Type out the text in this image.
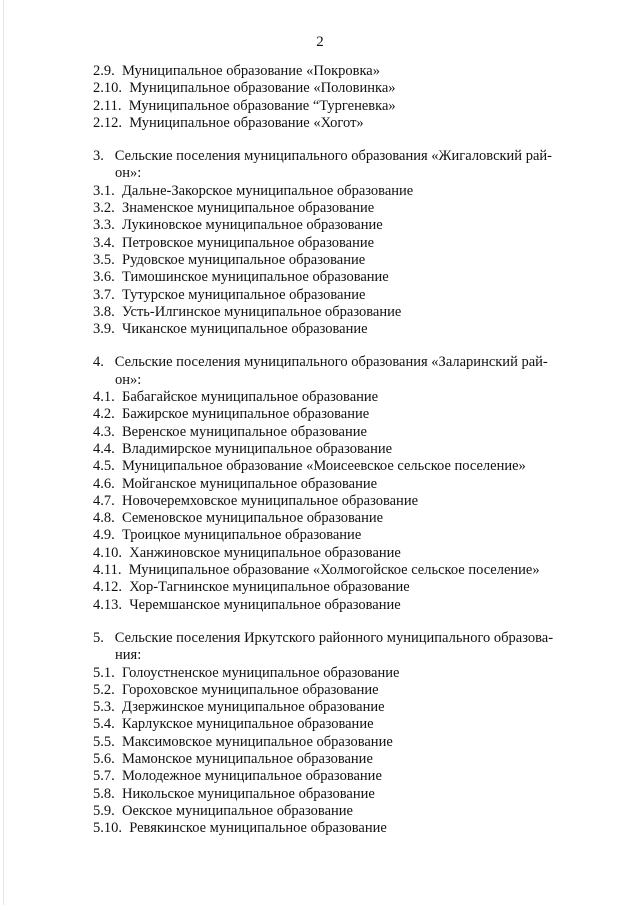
2
2.9. Муниципальное образование «Покровка»
2.10. Муниципальное образование «Половинка»
2.11. Муниципальное образование “Тургеневка»
2.12. Муниципальное образование «Хогот»
3. Сельские поселения муниципального образования «Жигаловский рай-
он»:
3.1. Дальне-Закорское муниципальное образование
3.2. Знаменское муниципальное образование
3.3. Лукиновское муниципальное образование
3.4. Петровское муниципальное образование
3.5. Рудовское муниципальное образование
3.6. Тимошинское муниципальное образование
3.7. Тутурское муниципальное образование
3.8. Усть-Илгинское муниципальное образование
3.9. Чиканское муниципальное образование
4. Сельские поселения муниципального образования «Заларинский рай-
он»:
4.1. Бабагайское муниципальное образование
4.2. Бажирское муниципальное образование
4.3. Веренское муниципальное образование
4.4. Владимирское муниципальное образование
4.5. Муниципальное образование «Моисеевское сельское поселение»
4.6. Мойганское муниципальное образование
4.7. Новочеремховское муниципальное образование
4.8. Семеновское муниципальное образование
4.9. Троицкое муниципальное образование
4.10. Ханжиновское муниципальное образование
4.11. Муниципальное образование «Холмогойское сельское поселение»
4.12. Хор-Тагнинское муниципальное образование
4.13. Черемшанское муниципальное образование
5. Сельские поселения Иркутского районного муниципального образова-
ния:
5.1. Голоустненское муниципальное образование
5.2. Гороховское муниципальное образование
5.3. Дзержинское муниципальное образование
5.4. Карлукское муниципальное образование
5.5. Максимовское муниципальное образование
5.6. Мамонское муниципальное образование
5.7. Молодежное муниципальное образование
5.8. Никольское муниципальное образование
5.9. Оекское муниципальное образование
5.10. Ревякинское муниципальное образование
